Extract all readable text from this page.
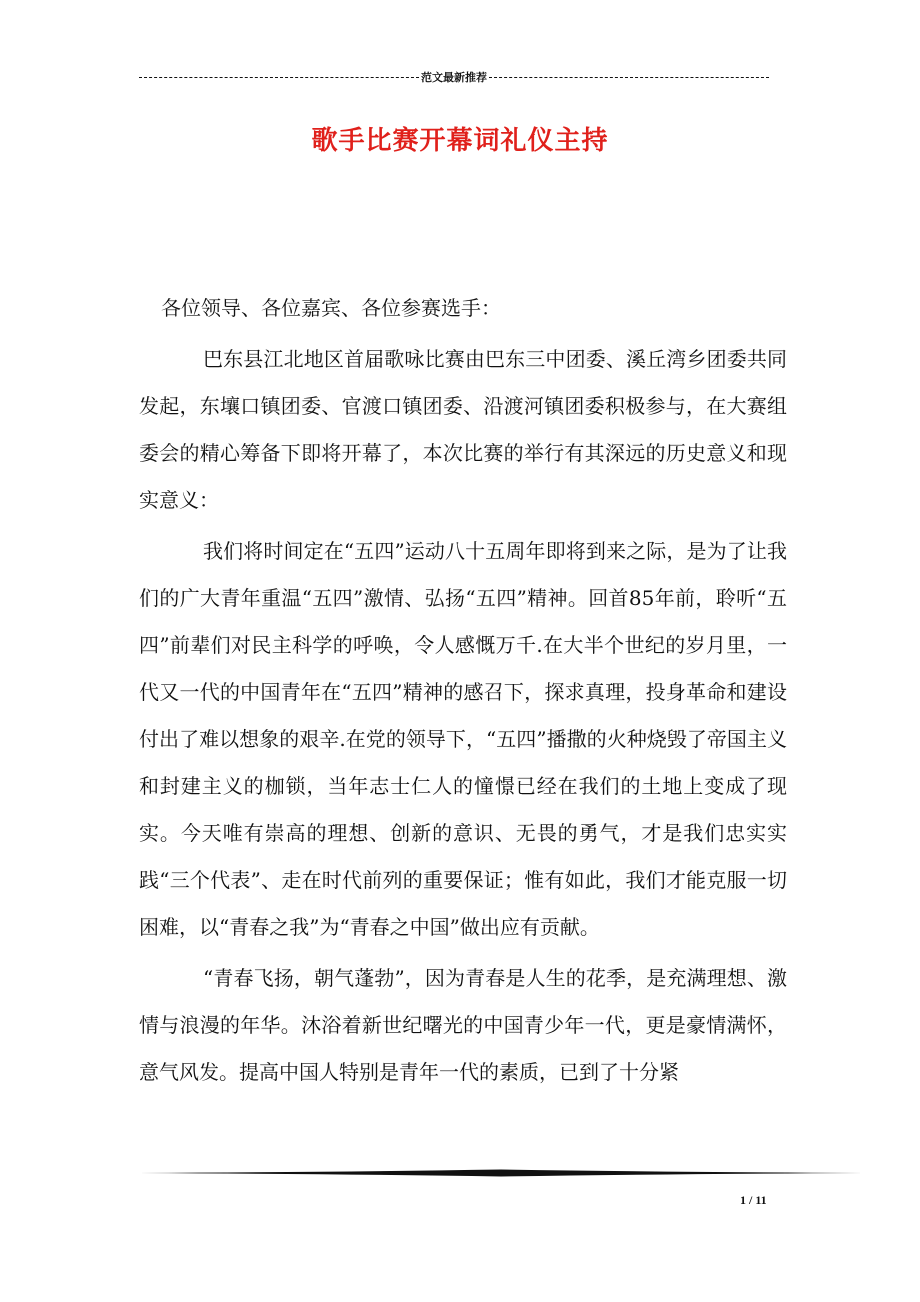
范文最新推荐
歌手比赛开幕词礼仪主持

各位领导、各位嘉宾、各位参赛选手：

巴东县江北地区首届歌咏比赛由巴东三中团委、溪丘湾乡团委共同发起，东壤口镇团委、官渡口镇团委、沿渡河镇团委积极参与，在大赛组委会的精心筹备下即将开幕了，本次比赛的举行有其深远的历史意义和现实意义：

我们将时间定在“五四”运动八十五周年即将到来之际，是为了让我们的广大青年重温“五四”激情、弘扬“五四”精神。回首85年前，聆听“五四”前辈们对民主科学的呼唤，令人感慨万千.在大半个世纪的岁月里，一代又一代的中国青年在“五四”精神的感召下，探求真理，投身革命和建设付出了难以想象的艰辛.在党的领导下，“五四”播撒的火种烧毁了帝国主义和封建主义的枷锁，当年志士仁人的憧憬已经在我们的土地上变成了现实。今天唯有崇高的理想、创新的意识、无畏的勇气，才是我们忠实实践“三个代表”、走在时代前列的重要保证；惟有如此，我们才能克服一切困难，以“青春之我”为“青春之中国”做出应有贡献。

“青春飞扬，朝气蓬勃”，因为青春是人生的花季，是充满理想、激情与浪漫的年华。沐浴着新世纪曙光的中国青少年一代，更是豪情满怀，意气风发。提高中国人特别是青年一代的素质，已到了十分紧

1 / 11
